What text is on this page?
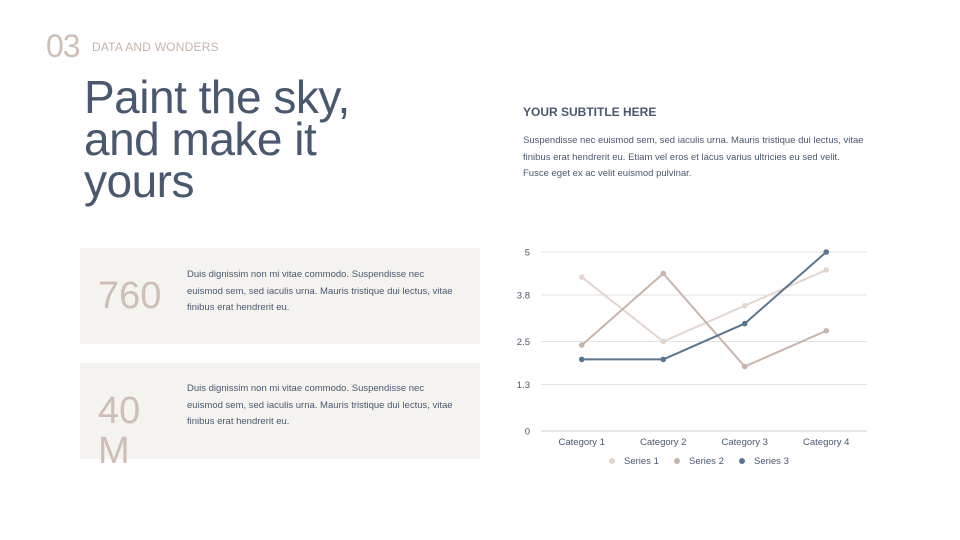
03 DATA AND WONDERS
Paint the sky, and make it yours
YOUR SUBTITLE HERE
Suspendisse nec euismod sem, sed iaculis urna. Mauris tristique dui lectus, vitae finibus erat hendrerit eu. Etiam vel eros et lacus varius ultricies eu sed velit. Fusce eget ex ac velit euismod pulvinar.
760
Duis dignissim non mi vitae commodo. Suspendisse nec euismod sem, sed iaculis urna. Mauris tristique dui lectus, vitae finibus erat hendrerit eu.
40 M
Duis dignissim non mi vitae commodo. Suspendisse nec euismod sem, sed iaculis urna. Mauris tristique dui lectus, vitae finibus erat hendrerit eu.
0
1.3
2.5
3.8
5
Category 1	Category 2	Category 3	Category 4
Series 1	Series 2	Series 3
